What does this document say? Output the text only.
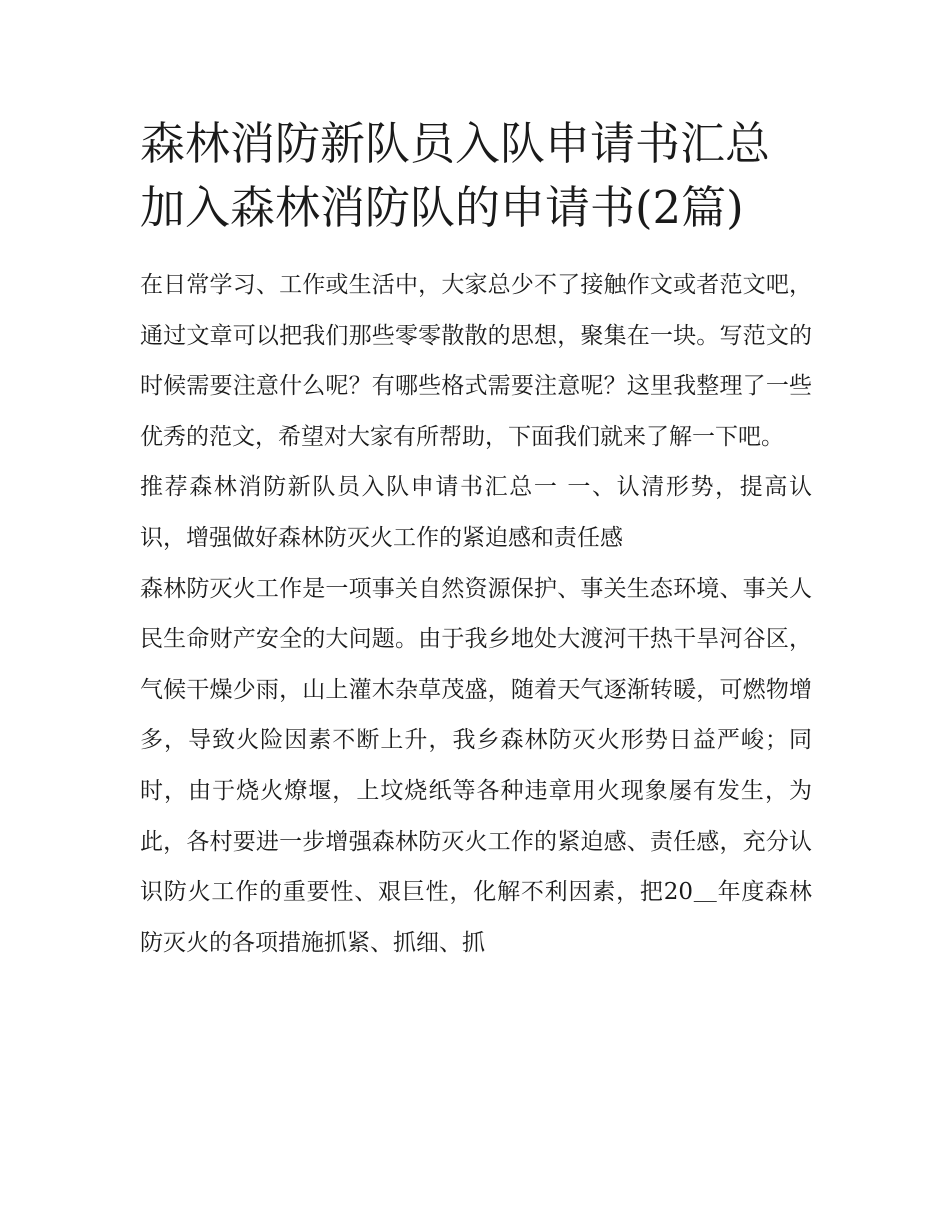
森林消防新队员入队申请书汇总 加入森林消防队的申请书(2篇)

在日常学习、工作或生活中，大家总少不了接触作文或者范文吧，通过文章可以把我们那些零零散散的思想，聚集在一块。写范文的时候需要注意什么呢？有哪些格式需要注意呢？这里我整理了一些优秀的范文，希望对大家有所帮助，下面我们就来了解一下吧。

推荐森林消防新队员入队申请书汇总一 一、认清形势，提高认识，增强做好森林防灭火工作的紧迫感和责任感

森林防灭火工作是一项事关自然资源保护、事关生态环境、事关人民生命财产安全的大问题。由于我乡地处大渡河干热干旱河谷区，气候干燥少雨，山上灌木杂草茂盛，随着天气逐渐转暖，可燃物增多，导致火险因素不断上升，我乡森林防灭火形势日益严峻；同时，由于烧火燎堰，上坟烧纸等各种违章用火现象屡有发生，为此，各村要进一步增强森林防灭火工作的紧迫感、责任感，充分认识防火工作的重要性、艰巨性，化解不利因素，把20＿年度森林防灭火的各项措施抓紧、抓细、抓
